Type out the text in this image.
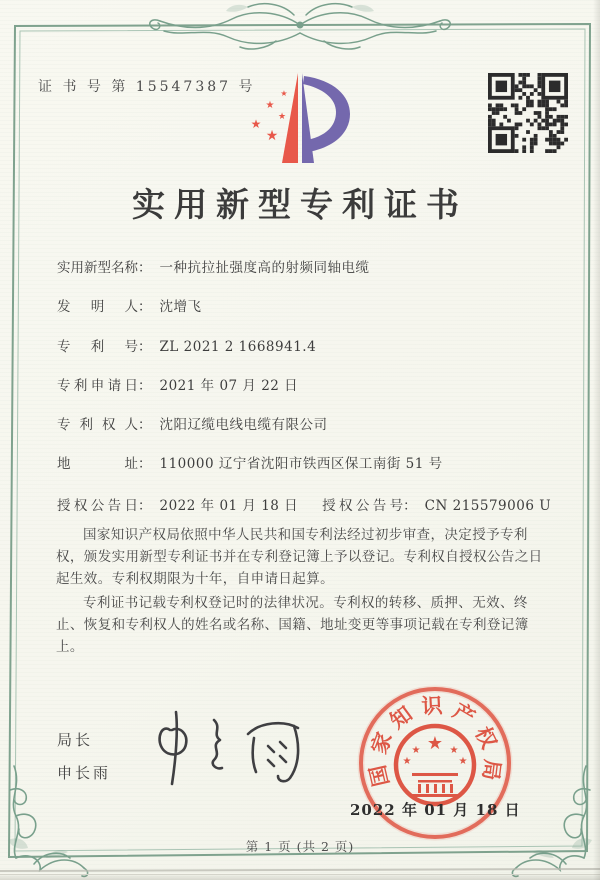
证 书 号 第 15547387 号	★
★
★
★
★
实用新型专利证书
实用新型名称： 一种抗拉扯强度高的射频同轴电缆
发明人： 沈增飞
专利号： ZL 2021 2 1668941.4
专利申请日： 2021 年 07 月 22 日
专利权人： 沈阳辽缆电线电缆有限公司
地址： 110000 辽宁省沈阳市铁西区保工南街 51 号
授权公告日： 2022 年 01 月 18 日 授权公告号： CN 215579006 U

国家知识产权局依照中华人民共和国专利法经过初步审查，决定授予专利权，颁发实用新型专利证书并在专利登记簿上予以登记。专利权自授权公告之日起生效。专利权期限为十年，自申请日起算。

专利证书记载专利权登记时的法律状况。专利权的转移、质押、无效、终止、恢复和专利权人的姓名或名称、国籍、地址变更等事项记载在专利登记簿上。

局长
申长雨
★
★
★
★
★
国
家
知 识 产
权
局
2022 年 01 月 18 日
第 1 页 (共 2 页)
